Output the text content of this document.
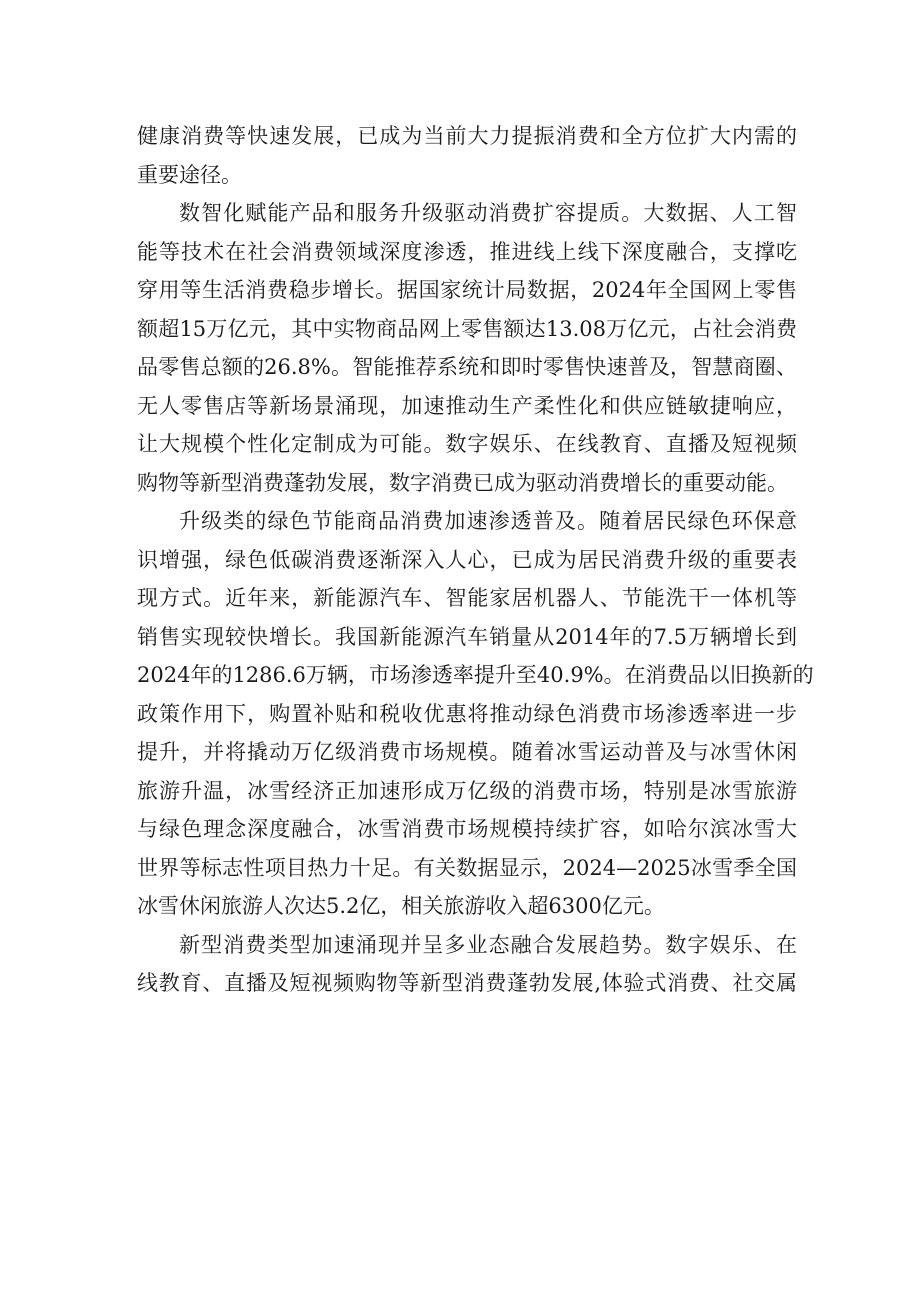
健康消费等快速发展，已成为当前大力提振消费和全方位扩大内需的
重要途径。
数智化赋能产品和服务升级驱动消费扩容提质。大数据、人工智
能等技术在社会消费领域深度渗透，推进线上线下深度融合，支撑吃
穿用等生活消费稳步增长。据国家统计局数据，2024年全国网上零售
额超15万亿元，其中实物商品网上零售额达13.08万亿元，占社会消费
品零售总额的26.8%。智能推荐系统和即时零售快速普及，智慧商圈、
无人零售店等新场景涌现，加速推动生产柔性化和供应链敏捷响应，
让大规模个性化定制成为可能。数字娱乐、在线教育、直播及短视频
购物等新型消费蓬勃发展，数字消费已成为驱动消费增长的重要动能。
升级类的绿色节能商品消费加速渗透普及。随着居民绿色环保意
识增强，绿色低碳消费逐渐深入人心，已成为居民消费升级的重要表
现方式。近年来，新能源汽车、智能家居机器人、节能洗干一体机等
销售实现较快增长。我国新能源汽车销量从2014年的7.5万辆增长到
2024年的1286.6万辆，市场渗透率提升至40.9%。在消费品以旧换新的
政策作用下，购置补贴和税收优惠将推动绿色消费市场渗透率进一步
提升，并将撬动万亿级消费市场规模。随着冰雪运动普及与冰雪休闲
旅游升温，冰雪经济正加速形成万亿级的消费市场，特别是冰雪旅游
与绿色理念深度融合，冰雪消费市场规模持续扩容，如哈尔滨冰雪大
世界等标志性项目热力十足。有关数据显示，2024—2025冰雪季全国
冰雪休闲旅游人次达5.2亿，相关旅游收入超6300亿元。
新型消费类型加速涌现并呈多业态融合发展趋势。数字娱乐、在
线教育、直播及短视频购物等新型消费蓬勃发展,体验式消费、社交属
